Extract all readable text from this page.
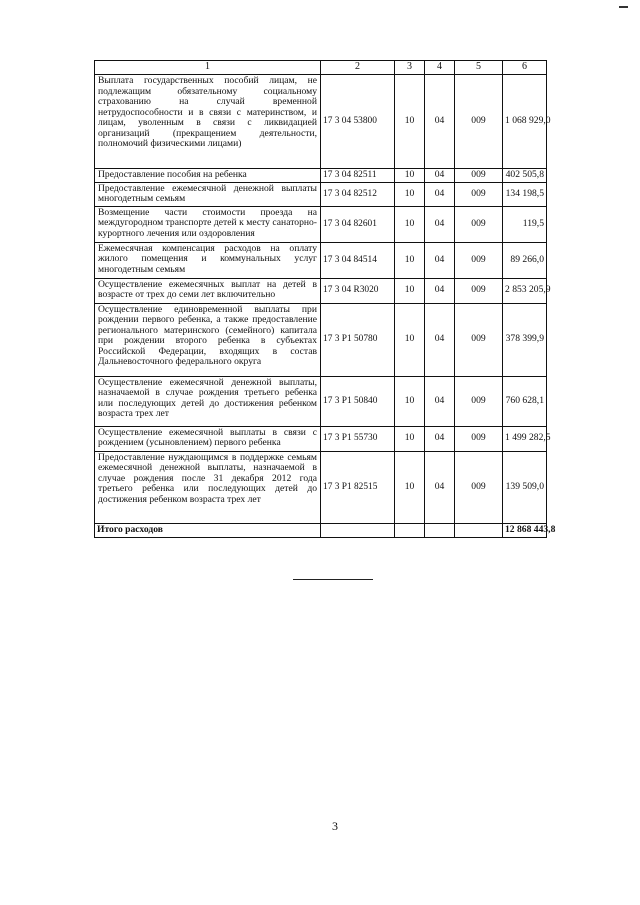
1	2	3	4	5	6
Выплата государственных пособий лицам, не подлежащим обязательному социальному страхованию на случай временной нетрудоспособности и в связи с материнством, и лицам, уволенным в связи с ликвидацией организаций (прекращением деятельности, полномочий физическими лицами)	17 3 04 53800	10	04	009	1 068 929,0
Предоставление пособия на ребенка	17 3 04 82511	10	04	009	402 505,8
Предоставление ежемесячной денежной выплаты многодетным семьям	17 3 04 82512	10	04	009	134 198,5
Возмещение части стоимости проезда на междугородном транспорте детей к месту санаторно-курортного лечения или оздоровления	17 3 04 82601	10	04	009	119,5
Ежемесячная компенсация расходов на оплату жилого помещения и коммунальных услуг многодетным семьям	17 3 04 84514	10	04	009	89 266,0
Осуществление ежемесячных выплат на детей в возрасте от трех до семи лет включительно	17 3 04 R3020	10	04	009	2 853 205,9
Осуществление единовременной выплаты при рождении первого ребенка, а также предоставление регионального материнского (семейного) капитала при рождении второго ребенка в субъектах Российской Федерации, входящих в состав Дальневосточного федерального округа	17 3 P1 50780	10	04	009	378 399,9
Осуществление ежемесячной денежной выплаты, назначаемой в случае рождения третьего ребенка или последующих детей до достижения ребенком возраста трех лет	17 3 P1 50840	10	04	009	760 628,1
Осуществление ежемесячной выплаты в связи с рождением (усыновлением) первого ребенка	17 3 P1 55730	10	04	009	1 499 282,5
Предоставление нуждающимся в поддержке семьям ежемесячной денежной выплаты, назначаемой в случае рождения после 31 декабря 2012 года третьего ребенка или последующих детей до достижения ребенком возраста трех лет	17 3 P1 82515	10	04	009	139 509,0
Итого расходов					12 868 443,8
3
